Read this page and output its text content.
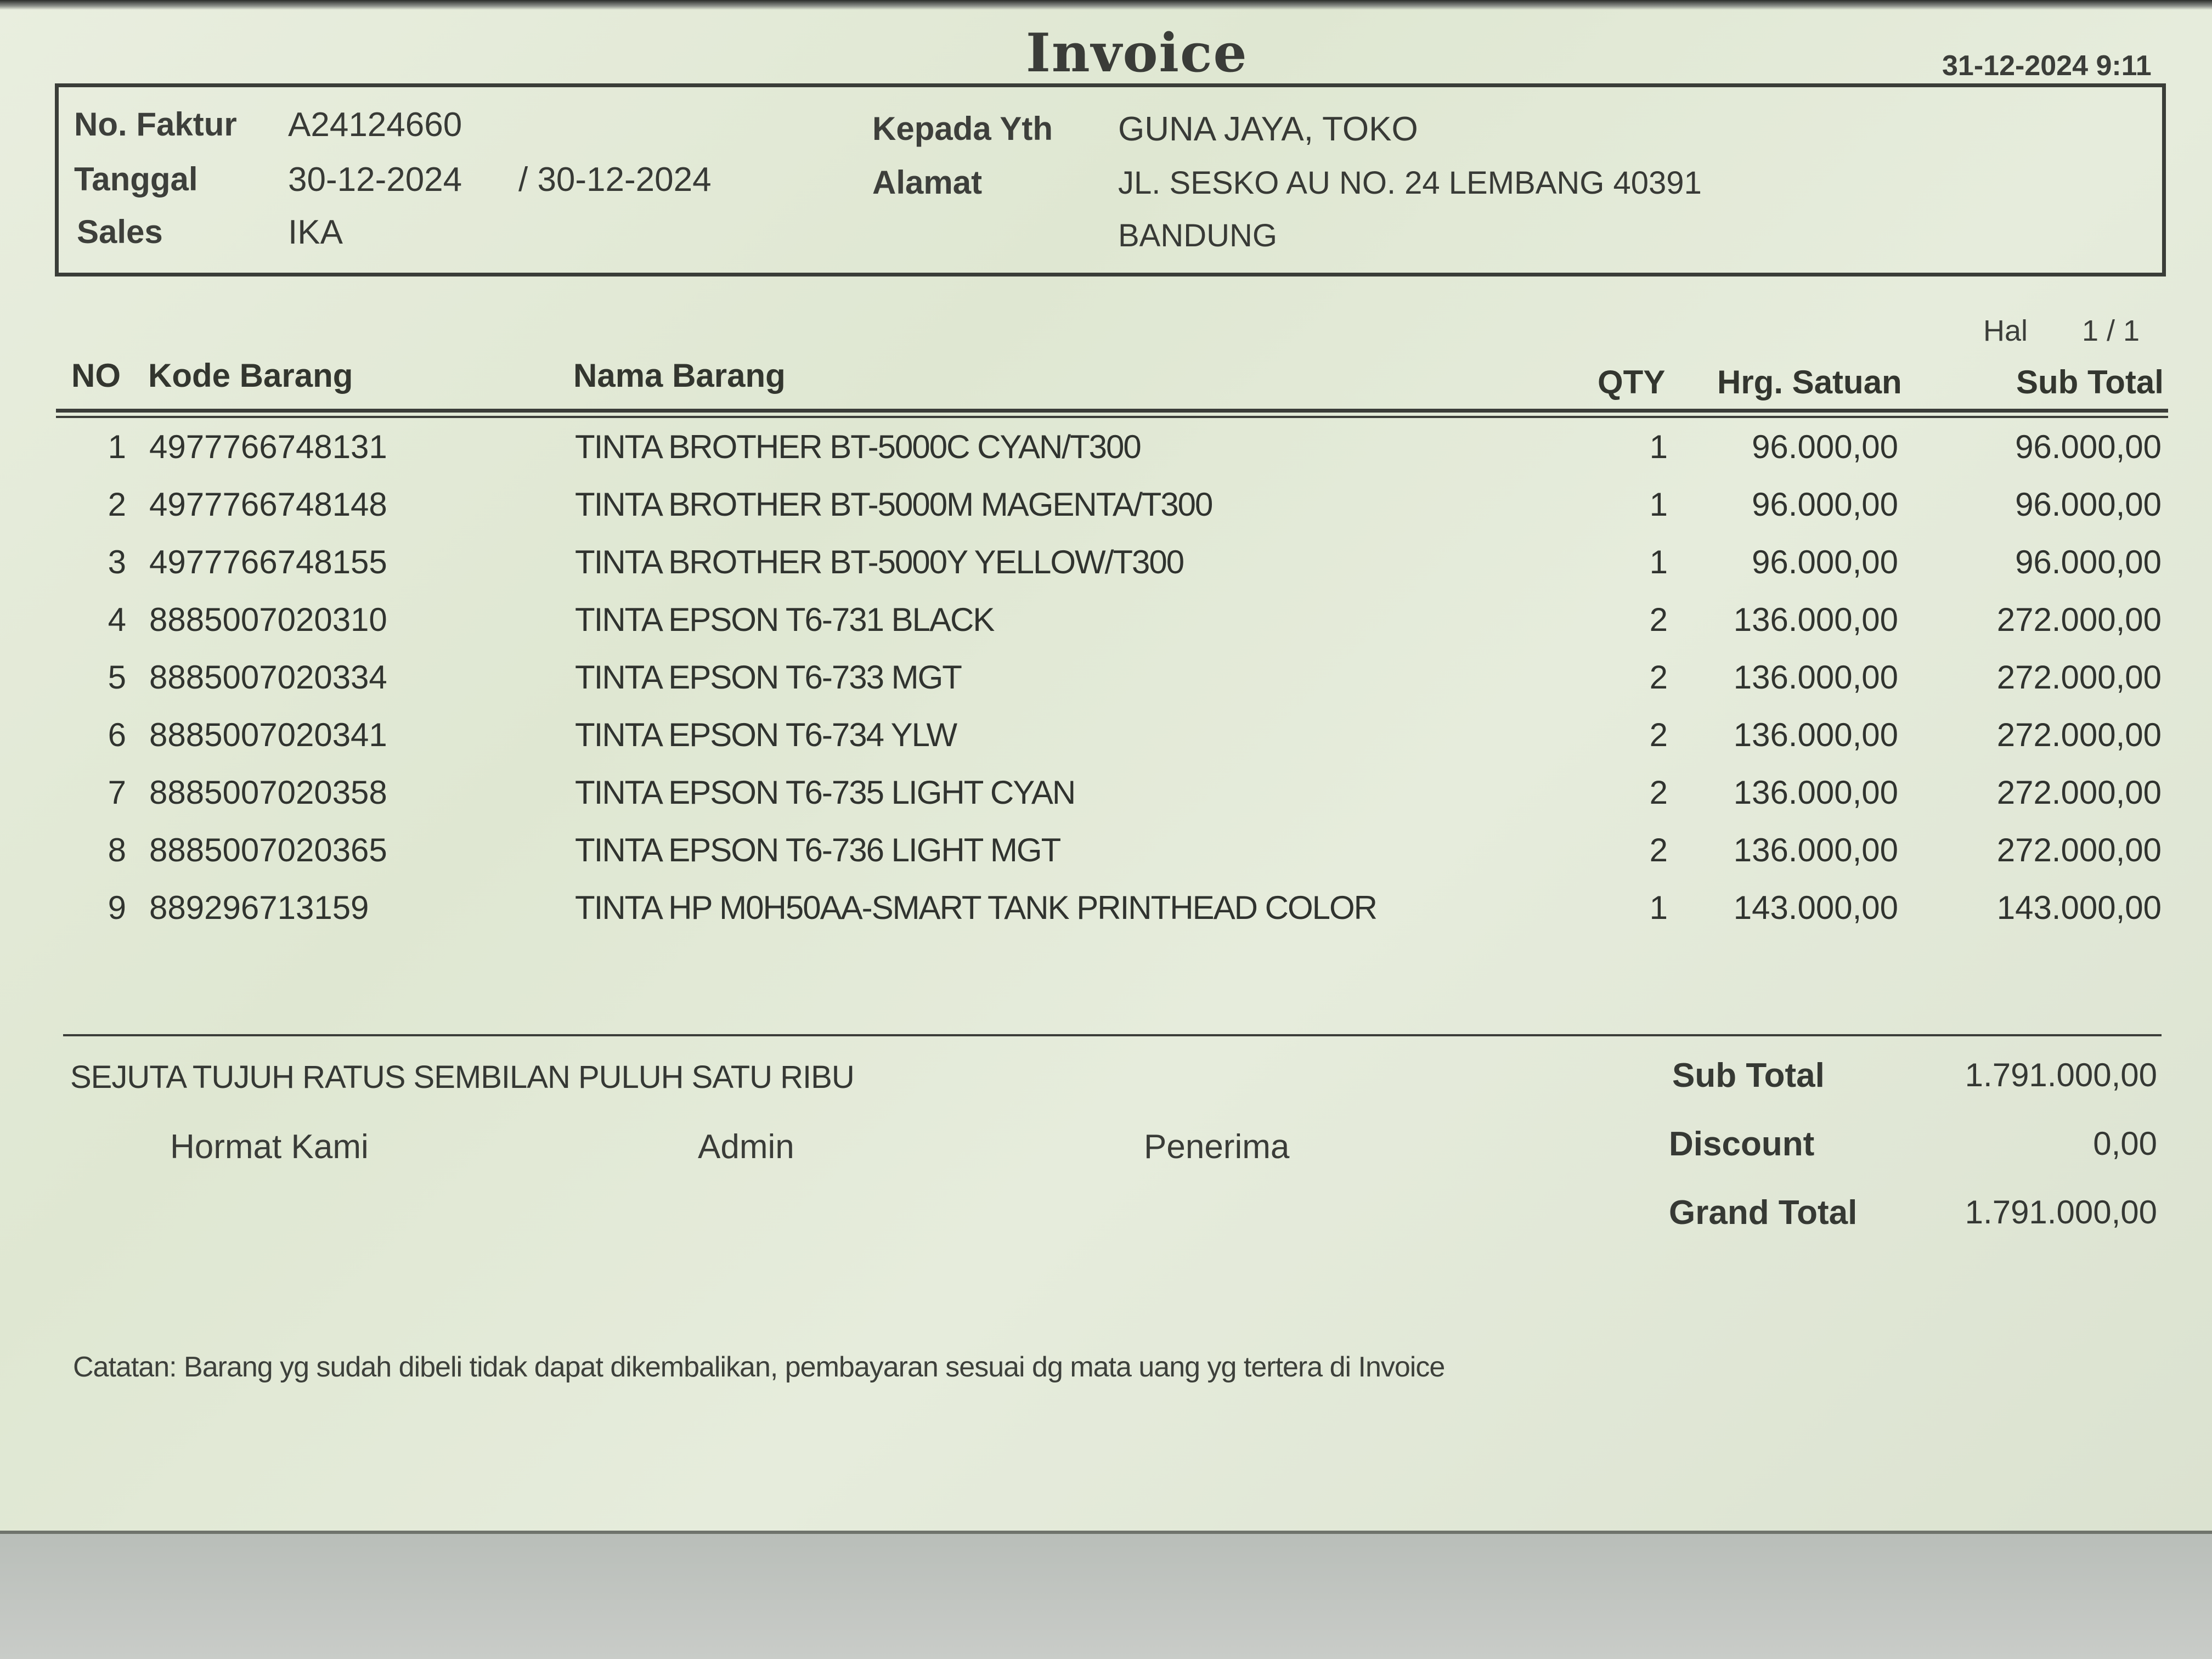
Invoice	31-12-2024 9:11
No. Faktur A24124660
Tanggal	30-12-2024 / 30-12-2024
Sales	IKA
Kepada Yth GUNA JAYA, TOKO
Alamat	JL. SESKO AU NO. 24 LEMBANG 40391
BANDUNG
Hal 1 / 1
NO Kode Barang	Nama Barang	QTY Hrg. Satuan	Sub Total
1 4977766748131	TINTA BROTHER BT-5000C CYAN/T300	1	96.000,00	96.000,00
2 4977766748148	TINTA BROTHER BT-5000M MAGENTA/T300	1	96.000,00	96.000,00
3 4977766748155	TINTA BROTHER BT-5000Y YELLOW/T300	1	96.000,00	96.000,00
4 8885007020310	TINTA EPSON T6-731 BLACK	2	136.000,00	272.000,00
5 8885007020334	TINTA EPSON T6-733 MGT	2	136.000,00	272.000,00
6 8885007020341	TINTA EPSON T6-734 YLW	2	136.000,00	272.000,00
7 8885007020358	TINTA EPSON T6-735 LIGHT CYAN	2	136.000,00	272.000,00
8 8885007020365	TINTA EPSON T6-736 LIGHT MGT	2	136.000,00	272.000,00
9 889296713159	TINTA HP M0H50AA-SMART TANK PRINTHEAD COLOR	1	143.000,00	143.000,00
SEJUTA TUJUH RATUS SEMBILAN PULUH SATU RIBU
Hormat Kami	Admin	Penerima
Sub Total	1.791.000,00
Discount	0,00
Grand Total	1.791.000,00
Catatan: Barang yg sudah dibeli tidak dapat dikembalikan, pembayaran sesuai dg mata uang yg tertera di Invoice
